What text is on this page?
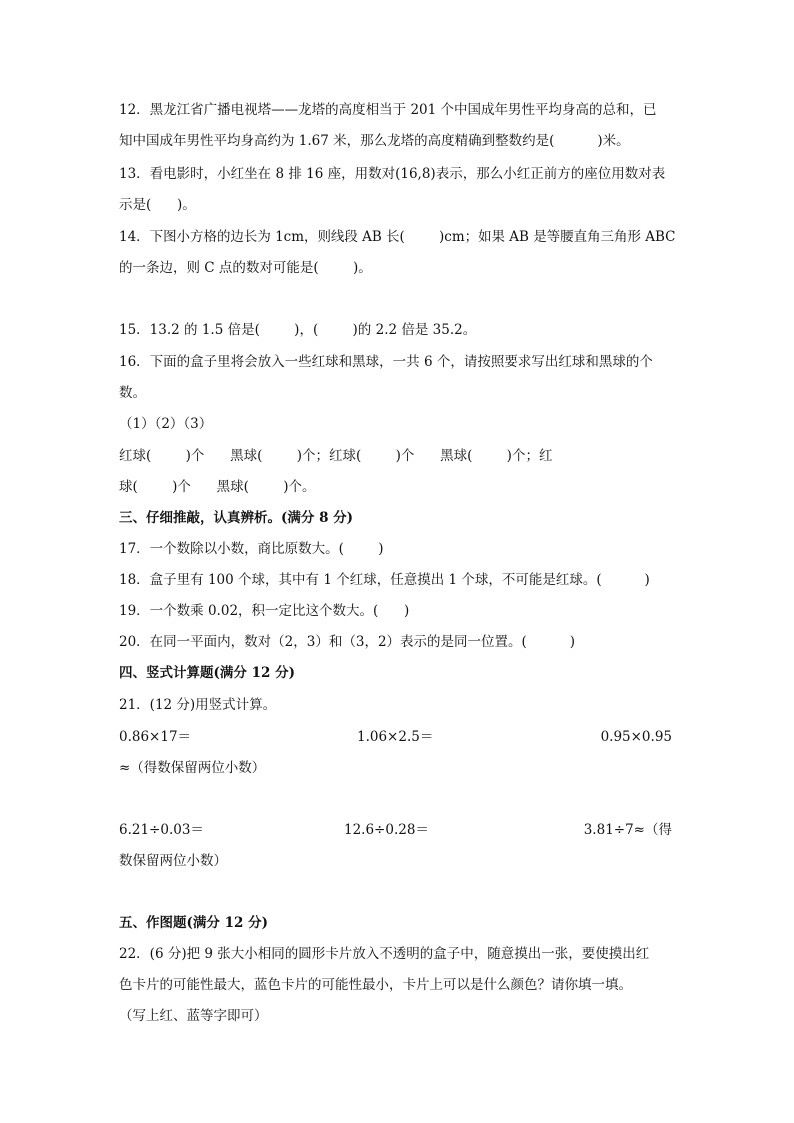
12．黑龙江省广播电视塔——龙塔的高度相当于 201 个中国成年男性平均身高的总和，已
知中国成年男性平均身高约为 1.67 米，那么龙塔的高度精确到整数约是(          )米。
13．看电影时，小红坐在 8 排 16 座，用数对(16,8)表示，那么小红正前方的座位用数对表
示是(      )。
14．下图小方格的边长为 1cm，则线段 AB 长(        )cm；如果 AB 是等腰直角三角形 ABC
的一条边，则 C 点的数对可能是(        )。
15．13.2 的 1.5 倍是(        )，(        )的 2.2 倍是 35.2。
16．下面的盒子里将会放入一些红球和黑球，一共 6 个，请按照要求写出红球和黑球的个
数。
（1）（2）（3）
红球(        )个      黑球(        )个；红球(        )个      黑球(        )个；红
球(        )个      黑球(        )个。
三、仔细推敲，认真辨析。(满分 8 分)
17．一个数除以小数，商比原数大。(        )
18．盒子里有 100 个球，其中有 1 个红球，任意摸出 1 个球，不可能是红球。(          )
19．一个数乘 0.02，积一定比这个数大。(      )
20．在同一平面内，数对（2，3）和（3，2）表示的是同一位置。(          )
四、竖式计算题(满分 12 分)
21．(12 分)用竖式计算。
0.86×17＝	1.06×2.5＝	0.95×0.95
≈（得数保留两位小数）
6.21÷0.03＝	12.6÷0.28＝	3.81÷7≈（得
数保留两位小数）
五、作图题(满分 12 分)
22．(6 分)把 9 张大小相同的圆形卡片放入不透明的盒子中，随意摸出一张，要使摸出红
色卡片的可能性最大，蓝色卡片的可能性最小，卡片上可以是什么颜色？请你填一填。
（写上红、蓝等字即可）
